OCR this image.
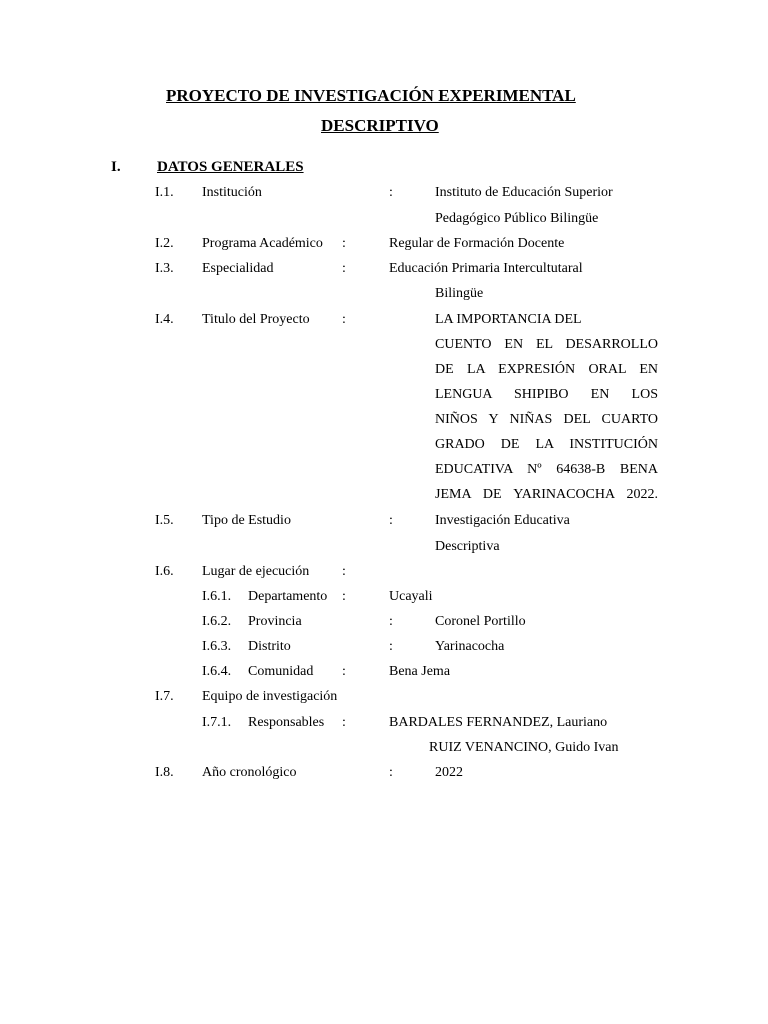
PROYECTO DE INVESTIGACIÓN EXPERIMENTAL
DESCRIPTIVO
I. DATOS GENERALES
I.1. Institución	:	Instituto de Educación Superior
Pedagógico Público Bilingüe
I.2. Programa Académico :	Regular de Formación Docente
I.3. Especialidad	:	Educación Primaria Intercultutaral
Bilingüe
I.4. Titulo del Proyecto :	LA IMPORTANCIA DEL
CUENTO EN EL DESARROLLO
DE LA EXPRESIÓN ORAL EN
LENGUA SHIPIBO EN LOS
NIÑOS Y NIÑAS DEL CUARTO
GRADO DE LA INSTITUCIÓN
EDUCATIVA Nº 64638-B BENA
JEMA DE YARINACOCHA 2022.
I.5. Tipo de Estudio	:	Investigación Educativa
Descriptiva
I.6. Lugar de ejecución :
I.6.1. Departamento :	Ucayali
I.6.2. Provincia	:	Coronel Portillo
I.6.3. Distrito	:	Yarinacocha
I.6.4. Comunidad :	Bena Jema
I.7. Equipo de investigación
I.7.1. Responsables :	BARDALES FERNANDEZ, Lauriano
RUIZ VENANCINO, Guido Ivan
I.8. Año cronológico	:	2022
